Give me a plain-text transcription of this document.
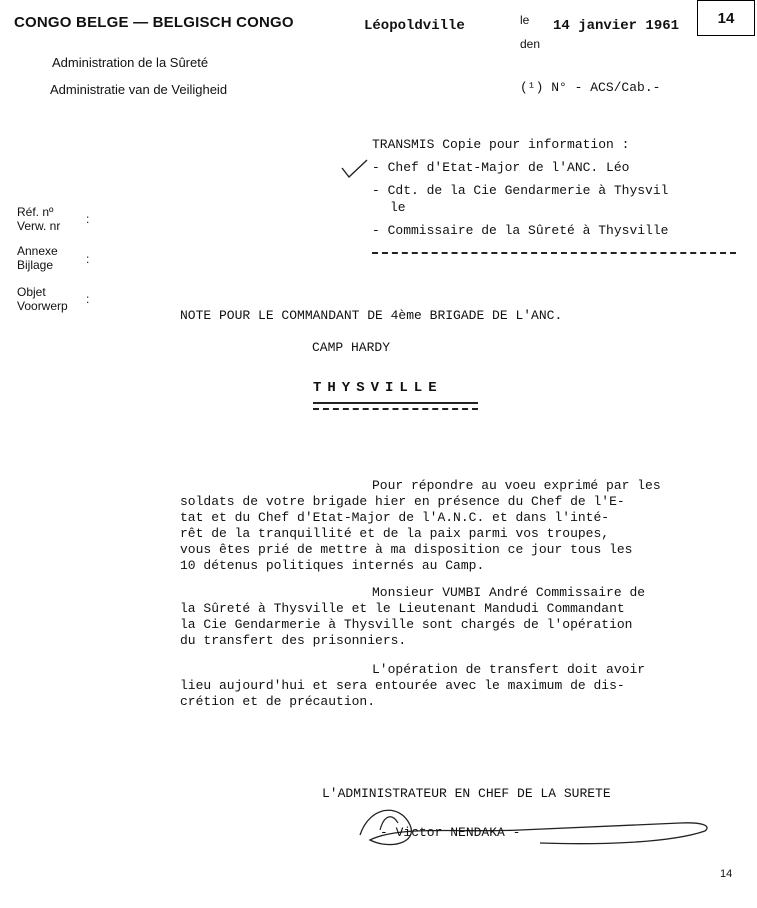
CONGO BELGE — BELGISCH CONGO
Administration de la Sûreté
Administratie van de Veiligheid
Léopoldville	le
den
14 janvier 1961	14
(¹) N° - ACS/Cab.-
TRANSMIS Copie pour information :
- Chef d'Etat-Major de l'ANC. Léo
- Cdt. de la Cie Gendarmerie à Thysvil
le
- Commissaire de la Sûreté à Thysville
Réf. nº
Verw. nr :
Annexe
Bijlage	:
Objet
Voorwerp :
NOTE POUR LE COMMANDANT DE 4ème BRIGADE DE L'ANC.
CAMP HARDY
THYSVILLE
Pour répondre au voeu exprimé par les
soldats de votre brigade hier en présence du Chef de l'E-
tat et du Chef d'Etat-Major de l'A.N.C. et dans l'inté-
rêt de la tranquillité et de la paix parmi vos troupes,
vous êtes prié de mettre à ma disposition ce jour tous les
10 détenus politiques internés au Camp.
Monsieur VUMBI André Commissaire de
la Sûreté à Thysville et le Lieutenant Mandudi Commandant
la Cie Gendarmerie à Thysville sont chargés de l'opération
du transfert des prisonniers.
L'opération de transfert doit avoir
lieu aujourd'hui et sera entourée avec le maximum de dis-
crétion et de précaution.
L'ADMINISTRATEUR EN CHEF DE LA SURETE
- Victor NENDAKA -
14
